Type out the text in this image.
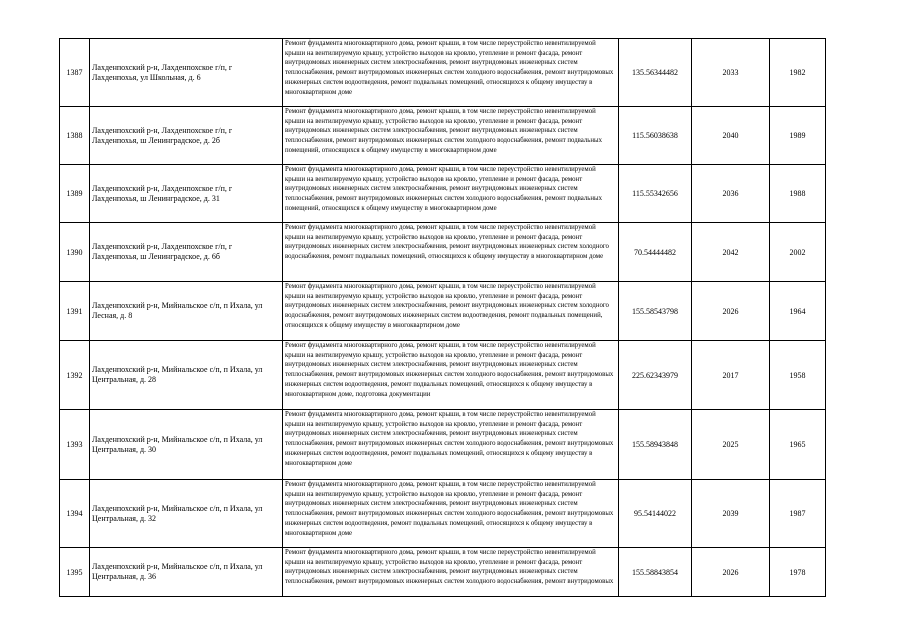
1387	Лахденпохский р-н, Лахденпохское г/п, г Лахденпохья, ул Школьная, д. 6	Ремонт фундамента многоквартирного дома, ремонт крыши, в том числе переустройство невентилируемой крыши на вентилируемую крышу, устройство выходов на кровлю, утепление и ремонт фасада, ремонт внутридомовых инженерных систем электроснабжения, ремонт внутридомовых инженерных систем теплоснабжения, ремонт внутридомовых инженерных систем холодного водоснабжения, ремонт внутридомовых инженерных систем водоотведения, ремонт подвальных помещений, относящихся к общему имуществу в многоквартирном доме	135.56344482	2033	1982
1388	Лахденпохский р-н, Лахденпохское г/п, г Лахденпохья, ш Ленинградское, д. 2б	Ремонт фундамента многоквартирного дома, ремонт крыши, в том числе переустройство невентилируемой крыши на вентилируемую крышу, устройство выходов на кровлю, утепление и ремонт фасада, ремонт внутридомовых инженерных систем электроснабжения, ремонт внутридомовых инженерных систем теплоснабжения, ремонт внутридомовых инженерных систем холодного водоснабжения, ремонт подвальных помещений, относящихся к общему имуществу в многоквартирном доме	115.56038638	2040	1989
1389	Лахденпохский р-н, Лахденпохское г/п, г Лахденпохья, ш Ленинградское, д. 31	Ремонт фундамента многоквартирного дома, ремонт крыши, в том числе переустройство невентилируемой крыши на вентилируемую крышу, устройство выходов на кровлю, утепление и ремонт фасада, ремонт внутридомовых инженерных систем электроснабжения, ремонт внутридомовых инженерных систем теплоснабжения, ремонт внутридомовых инженерных систем холодного водоснабжения, ремонт подвальных помещений, относящихся к общему имуществу в многоквартирном доме	115.55342656	2036	1988
1390	Лахденпохский р-н, Лахденпохское г/п, г Лахденпохья, ш Ленинградское, д. 6б	Ремонт фундамента многоквартирного дома, ремонт крыши, в том числе переустройство невентилируемой крыши на вентилируемую крышу, устройство выходов на кровлю, утепление и ремонт фасада, ремонт внутридомовых инженерных систем электроснабжения, ремонт внутридомовых инженерных систем холодного водоснабжения, ремонт подвальных помещений, относящихся к общему имуществу в многоквартирном доме	70.54444482	2042	2002
1391	Лахденпохский р-н, Мийнальское с/п, п Ихала, ул Лесная, д. 8	Ремонт фундамента многоквартирного дома, ремонт крыши, в том числе переустройство невентилируемой крыши на вентилируемую крышу, устройство выходов на кровлю, утепление и ремонт фасада, ремонт внутридомовых инженерных систем электроснабжения, ремонт внутридомовых инженерных систем холодного водоснабжения, ремонт внутридомовых инженерных систем водоотведения, ремонт подвальных помещений, относящихся к общему имуществу в многоквартирном доме	155.58543798	2026	1964
1392	Лахденпохский р-н, Мийнальское с/п, п Ихала, ул Центральная, д. 28	Ремонт фундамента многоквартирного дома, ремонт крыши, в том числе переустройство невентилируемой крыши на вентилируемую крышу, устройство выходов на кровлю, утепление и ремонт фасада, ремонт внутридомовых инженерных систем электроснабжения, ремонт внутридомовых инженерных систем теплоснабжения, ремонт внутридомовых инженерных систем холодного водоснабжения, ремонт внутридомовых инженерных систем водоотведения, ремонт подвальных помещений, относящихся к общему имуществу в многоквартирном доме, подготовка документации	225.62343979	2017	1958
1393	Лахденпохский р-н, Мийнальское с/п, п Ихала, ул Центральная, д. 30	Ремонт фундамента многоквартирного дома, ремонт крыши, в том числе переустройство невентилируемой крыши на вентилируемую крышу, устройство выходов на кровлю, утепление и ремонт фасада, ремонт внутридомовых инженерных систем электроснабжения, ремонт внутридомовых инженерных систем теплоснабжения, ремонт внутридомовых инженерных систем холодного водоснабжения, ремонт внутридомовых инженерных систем водоотведения, ремонт подвальных помещений, относящихся к общему имуществу в многоквартирном доме	155.58943848	2025	1965
1394	Лахденпохский р-н, Мийнальское с/п, п Ихала, ул Центральная, д. 32	Ремонт фундамента многоквартирного дома, ремонт крыши, в том числе переустройство невентилируемой крыши на вентилируемую крышу, устройство выходов на кровлю, утепление и ремонт фасада, ремонт внутридомовых инженерных систем электроснабжения, ремонт внутридомовых инженерных систем теплоснабжения, ремонт внутридомовых инженерных систем холодного водоснабжения, ремонт внутридомовых инженерных систем водоотведения, ремонт подвальных помещений, относящихся к общему имуществу в многоквартирном доме	95.54144022	2039	1987
1395	Лахденпохский р-н, Мийнальское с/п, п Ихала, ул Центральная, д. 36	Ремонт фундамента многоквартирного дома, ремонт крыши, в том числе переустройство невентилируемой крыши на вентилируемую крышу, устройство выходов на кровлю, утепление и ремонт фасада, ремонт внутридомовых инженерных систем электроснабжения, ремонт внутридомовых инженерных систем теплоснабжения, ремонт внутридомовых инженерных систем холодного водоснабжения, ремонт внутридомовых	155.58843854	2026	1978
